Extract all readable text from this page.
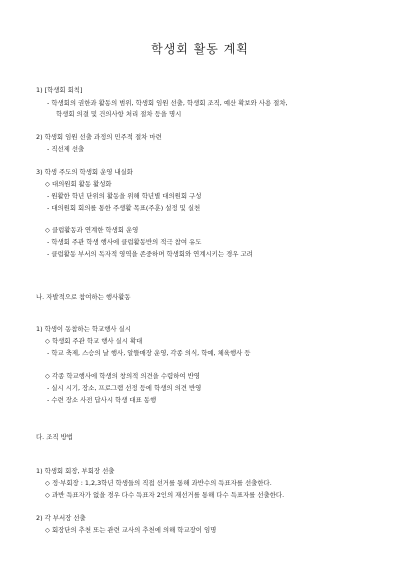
학생회 활동 계획
1) [학생회 회칙]
- 학생회의 권한과 활동의 범위, 학생회 임원 선출, 학생회 조직, 예산 확보와 사용 절차,
학생회 의결 및 건의사항 처리 절차 등을 명시
2) 학생회 임원 선출 과정의 민주적 절차 마련
- 직선제 선출
3) 학생 주도의 학생회 운영 내실화
◇ 대의원회 활동 활성화
- 원활한 학년 단위의 활동을 위해 학년별 대의원회 구성
- 대의원회 회의를 통한 주생활 목표(주훈) 설정 및 실천
◇ 클럽활동과 연계한 학생회 운영
- 학생회 주관 학생 행사에 클럽활동반의 적극 참여 유도
- 클럽활동 부서의 독자적 영역을 존중하며 학생회와 연계시키는 경우 고려
나. 자발적으로 참여하는 행사활동
1) 학생이 동참하는 학교행사 실시
◇ 학생회 주관 학교 행사 실시 확대
- 학교 축제, 스승의 날 행사, 알뜰매장 운영, 각종 의식, 학예, 체육행사 등
◇ 각종 학교행사에 학생의 창의적 의견을 수렴하여 반영
- 실시 시기, 장소, 프로그램 선정 등에 학생의 의견 반영
- 수련 장소 사전 답사시 학생 대표 동행
다. 조직 방법
1) 학생회 회장, 부회장 선출
◇ 정·부회장 : 1,2,3학년 학생들의 직접 선거를 통해 과반수의 득표자를 선출한다.
◇ 과반 득표자가 없을 경우 다수 득표자 2인의 재선거를 통해 다수 득표자를 선출한다.
2) 각 부서장 선출
◇ 회장단의 추천 또는 관련 교사의 추천에 의해 학교장이 임명
